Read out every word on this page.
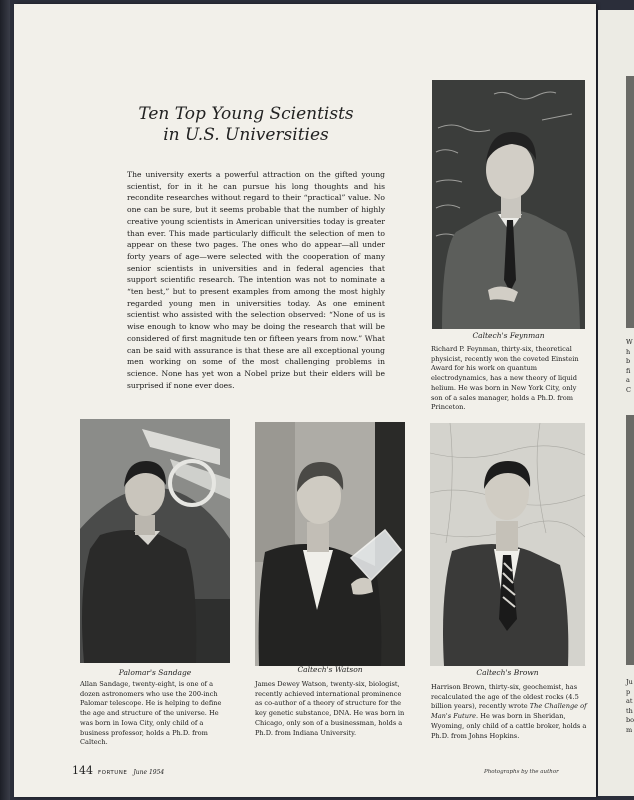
Ten Top Young Scientists
in U.S. Universities

The university exerts a powerful attraction on the gifted young scientist, for in it he can pursue his long thoughts and his recondite researches without regard to their “practical” value. No one can be sure, but it seems probable that the number of highly creative young scientists in American universities today is greater than ever. This made particularly difficult the selection of men to appear on these two pages. The ones who do appear—all under forty years of age—were selected with the cooperation of many senior scientists in universities and in federal agencies that support scientific research. The intention was not to nominate a “ten best,” but to present examples from among the most highly regarded young men in universities today. As one eminent scientist who assisted with the selection observed: “None of us is wise enough to know who may be doing the research that will be considered of first magnitude ten or fifteen years from now.” What can be said with assurance is that these are all exceptional young men working on some of the most challenging problems in science. None has yet won a Nobel prize but their elders will be surprised if none ever does.

Caltech's Feynman

Richard P. Feynman, thirty-six, theoretical physicist, recently won the coveted Einstein Award for his work on quantum electrodynamics, has a new theory of liquid helium. He was born in New York City, only son of a sales manager, holds a Ph.D. from Princeton.

Palomar's Sandage

Allan Sandage, twenty-eight, is one of a dozen astronomers who use the 200-inch Palomar telescope. He is helping to define the age and structure of the universe. He was born in Iowa City, only child of a business professor, holds a Ph.D. from Caltech.

Caltech's Watson

James Dewey Watson, twenty-six, biologist, recently achieved international prominence as co-author of a theory of structure for the key genetic substance, DNA. He was born in Chicago, only son of a businessman, holds a Ph.D. from Indiana University.

Caltech's Brown

Harrison Brown, thirty-six, geochemist, has recalculated the age of the oldest rocks (4.5 billion years), recently wrote The Challenge of Man's Future. He was born in Sheridan, Wyoming, only child of a cattle broker, holds a Ph.D. from Johns Hopkins.

144 FORTUNE June 1954	Photographs by the author
W
h
b
fi
a
C
Ju
p
at
th
bo
m
